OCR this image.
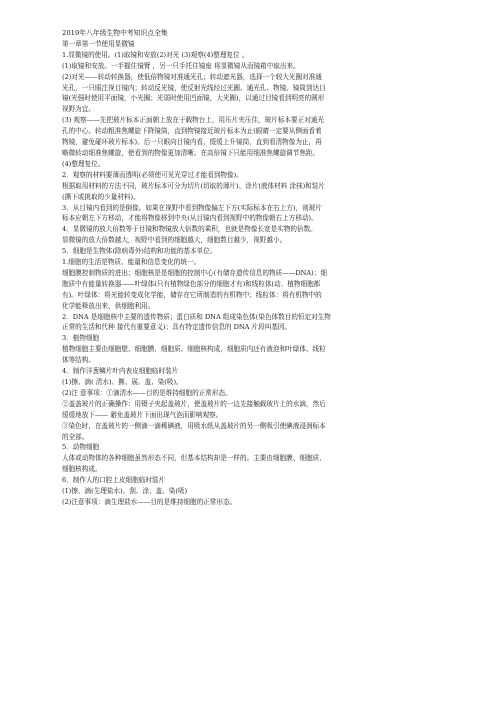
2019年八年级生物中考知识点全集
第一章第一节使用显微镜
1.显微镜的使用。(1)取镜和安放(2)对光 (3)观察(4)整理复位 。
(1)取镜和安放。一手握住镜臂 ，另一只手托住镜座 将显微镜从而镜箱中取出来。
(2)对光——转动转换器，使低倍物镜对准通光孔；转动遮光器，选择一个较大光圈对准通
光孔，一只眼注视目镜内；转动反光镜，使反射光线经过光圈、通光孔、物镜、镜筒到达目
镜(光强时使用平面镜，小光圈；光弱时使用凹面镜，大光圈)，以通过目镜看到明亮的圆形
视野为宜。
(3) 观察——先把玻片标本正面朝上放在于载物台上，用压片夹压住，玻片标本要正对通光
孔的中心。转动粗准焦螺旋下降镜筒，直到物镜接近玻片标本为止(眼睛一定要从侧面看着
物镜，避免碰坏玻片标本)。后一只眼向目镜内看，缓缓上升镜筒，直到看清物像为止，再
略微转动细准焦螺旋，使看到的物像更加清晰。在高倍镜下只能用细准焦螺旋调节焦距。
(4)整理复位。
2．观察的材料要薄而透明(必须使可见光穿过才能看到物像)。
根据取用材料的方法不同，玻片标本可分为切片(切取的薄片)、涂片(液体材料 涂抹)和装片
(撕下或挑取的少量材料)。
3．从目镜内看到的是倒像。如果在视野中看到物像偏左下方(实际标本在右上方)，则玻片
标本应朝左下方移动，才能将物像移到中央(从目镜内看到视野中的物像朝右上方移动)。
4．显微镜的放大倍数等于目镜和物镜放大倍数的乘积，也就是物像长宽是实物的倍数。
显微镜的放大倍数越大，视野中看到的细胞越大，细胞数目越少，视野越小。
5．细胞是生物体(除病毒外)结构和功能的基本单位。
1.细胞的生活是物质、能量和信息变化的统一。
细胞膜控制物质的进出；细胞核是是细胞的控制中心(有储存遗传信息的物质——DNA)；细
胞质中有能量转换器——叶绿体(只有植物绿色部分的细胞才有)和线粒体(动、植物细胞都
有)。叶绿体：将光能转变成化学能，储存在它所制造的有机物中；线粒体：将有机物中的
化学能释放出来，供细胞利用。
2．DNA 是细胞核中主要的遗传物质；蛋白质和 DNA 组成染色体(染色体数目的恒定对生物
正常的生活和代种 接代有重要意义)；具有特定遗传信息的 DNA 片段叫基因。
3．植物细胞
植物细胞主要由细胞壁、细胞膜、细胞质、细胞核构成，细胞质内还有液泡和叶绿体、线粒
体等结构。
4．制作洋葱鳞片叶内表皮细胞临时装片
(1)擦、滴( 清水)、撕、展、盖、染(吸)。
(2)注 意事项：①滴清水——目的是维持细胞的正常形态。
②盖盖玻片的正确操作：用镊子夹起盖玻片，使盖玻片的一边先接触载玻片上的水滴，然后
缓缓地放下—— 避免盖玻片下面出现气泡而影响观察。
③染色时，在盖玻片的一侧滴一滴稀碘液，用吸水纸从盖玻片的另一侧吸引使碘液浸润标本
的全部。
5．动物细胞
人体或动物体的各种细胞虽然形态不同，但基本结构却是一样的。主要由细胞膜、细胞质、
细胞核构成。
6．制作人的口腔上皮细胞临时装片
(1)擦、滴(生理盐水)、刮、涂、盖、染(吸)
(2)注意事项：滴生理盐水——目的是维持细胞的正常形态。
